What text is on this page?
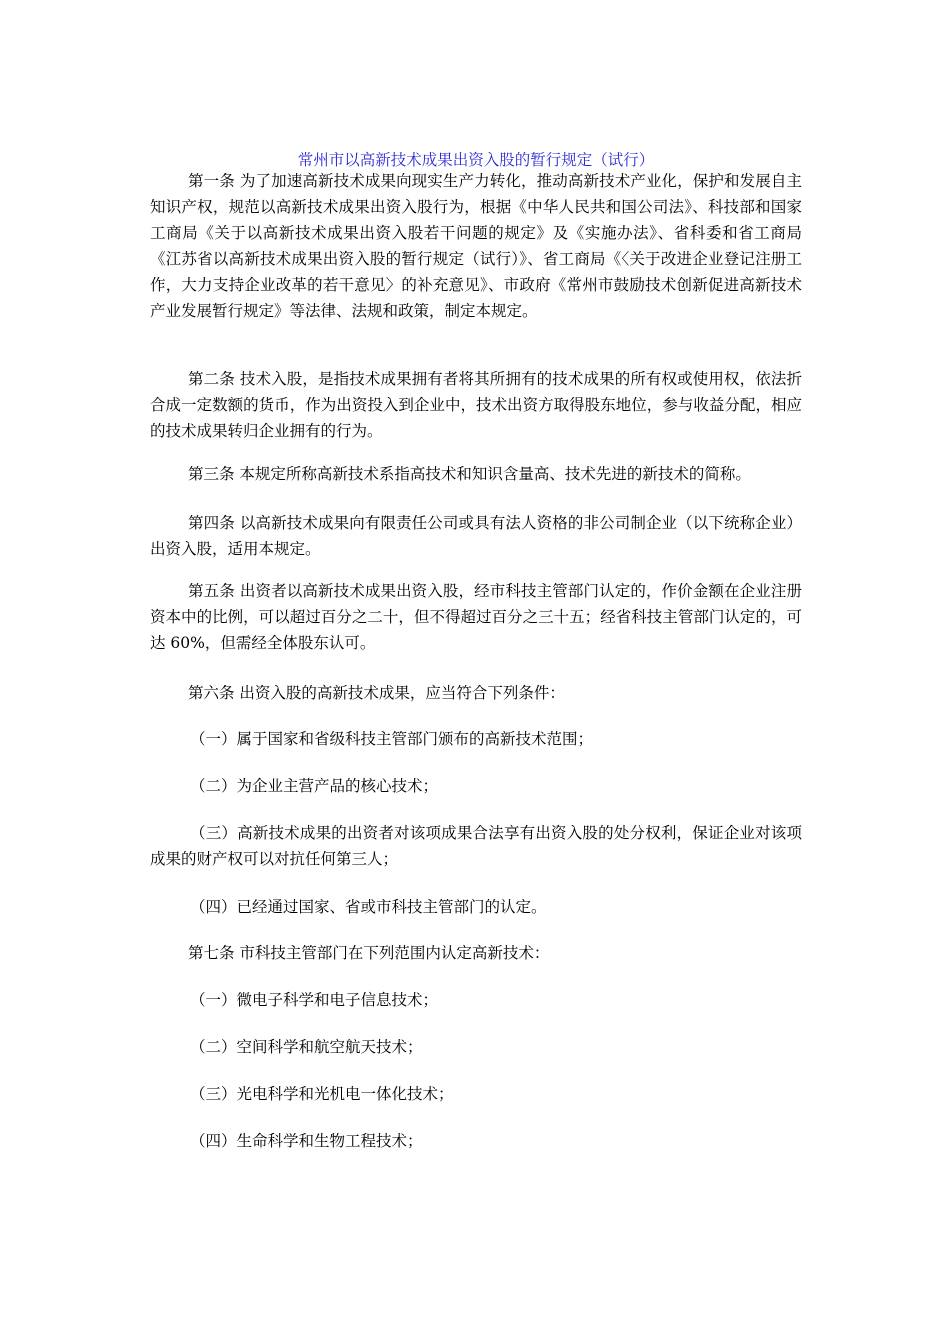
常州市以高新技术成果出资入股的暂行规定（试行）

第一条 为了加速高新技术成果向现实生产力转化，推动高新技术产业化，保护和发展自主知识产权，规范以高新技术成果出资入股行为，根据《中华人民共和国公司法》、科技部和国家工商局《关于以高新技术成果出资入股若干问题的规定》及《实施办法》、省科委和省工商局《江苏省以高新技术成果出资入股的暂行规定（试行）》、省工商局《〈关于改进企业登记注册工作，大力支持企业改革的若干意见〉的补充意见》、市政府《常州市鼓励技术创新促进高新技术产业发展暂行规定》等法律、法规和政策，制定本规定。

第二条 技术入股，是指技术成果拥有者将其所拥有的技术成果的所有权或使用权，依法折合成一定数额的货币，作为出资投入到企业中，技术出资方取得股东地位，参与收益分配，相应的技术成果转归企业拥有的行为。

第三条 本规定所称高新技术系指高技术和知识含量高、技术先进的新技术的简称。

第四条 以高新技术成果向有限责任公司或具有法人资格的非公司制企业（以下统称企业）出资入股，适用本规定。

第五条 出资者以高新技术成果出资入股，经市科技主管部门认定的，作价金额在企业注册资本中的比例，可以超过百分之二十，但不得超过百分之三十五；经省科技主管部门认定的，可达 60%，但需经全体股东认可。

第六条 出资入股的高新技术成果，应当符合下列条件：

（一）属于国家和省级科技主管部门颁布的高新技术范围；

（二）为企业主营产品的核心技术；

（三）高新技术成果的出资者对该项成果合法享有出资入股的处分权利，保证企业对该项成果的财产权可以对抗任何第三人；

（四）已经通过国家、省或市科技主管部门的认定。

第七条 市科技主管部门在下列范围内认定高新技术：

（一）微电子科学和电子信息技术；

（二）空间科学和航空航天技术；

（三）光电科学和光机电一体化技术；

（四）生命科学和生物工程技术；
